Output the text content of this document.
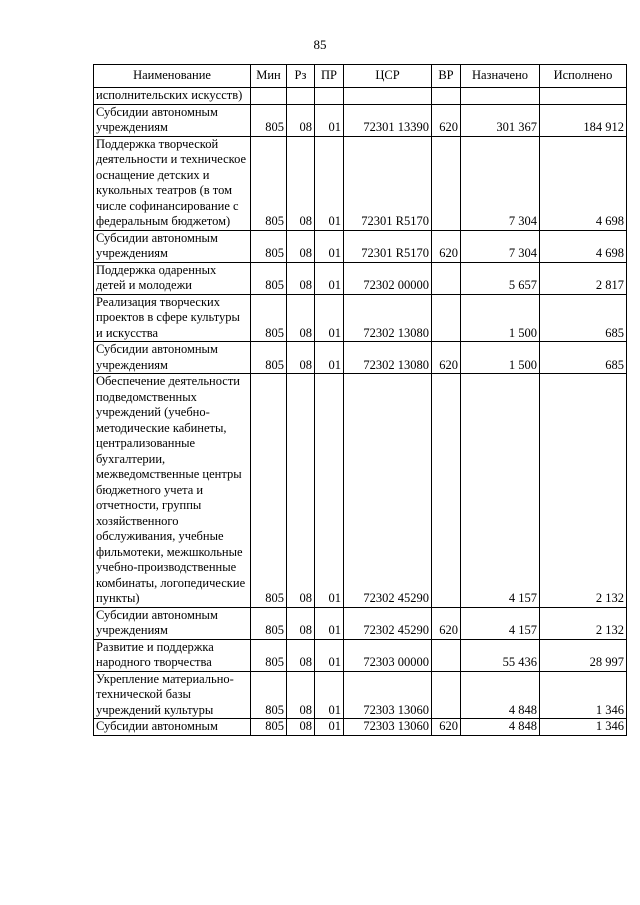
85
Наименование	Мин	Рз	ПР	ЦСР	ВР	Назначено	Исполнено
исполнительских искусств)							
Субсидии автономным учреждениям	805	08	01	72301 13390	620	301 367	184 912
Поддержка творческой деятельности и техническое оснащение детских и кукольных театров (в том числе софинансирование с федеральным бюджетом)	805	08	01	72301 R5170		7 304	4 698
Субсидии автономным учреждениям	805	08	01	72301 R5170	620	7 304	4 698
Поддержка одаренных детей и молодежи	805	08	01	72302 00000		5 657	2 817
Реализация творческих проектов в сфере культуры и искусства	805	08	01	72302 13080		1 500	685
Субсидии автономным учреждениям	805	08	01	72302 13080	620	1 500	685
Обеспечение деятельности подведомственных учреждений (учебно-методические кабинеты, централизованные бухгалтерии, межведомственные центры бюджетного учета и отчетности, группы хозяйственного обслуживания, учебные фильмотеки, межшкольные учебно-производственные комбинаты, логопедические пункты)	805	08	01	72302 45290		4 157	2 132
Субсидии автономным учреждениям	805	08	01	72302 45290	620	4 157	2 132
Развитие и поддержка народного творчества	805	08	01	72303 00000		55 436	28 997
Укрепление материально-технической базы учреждений культуры	805	08	01	72303 13060		4 848	1 346
Субсидии автономным	805	08	01	72303 13060	620	4 848	1 346
